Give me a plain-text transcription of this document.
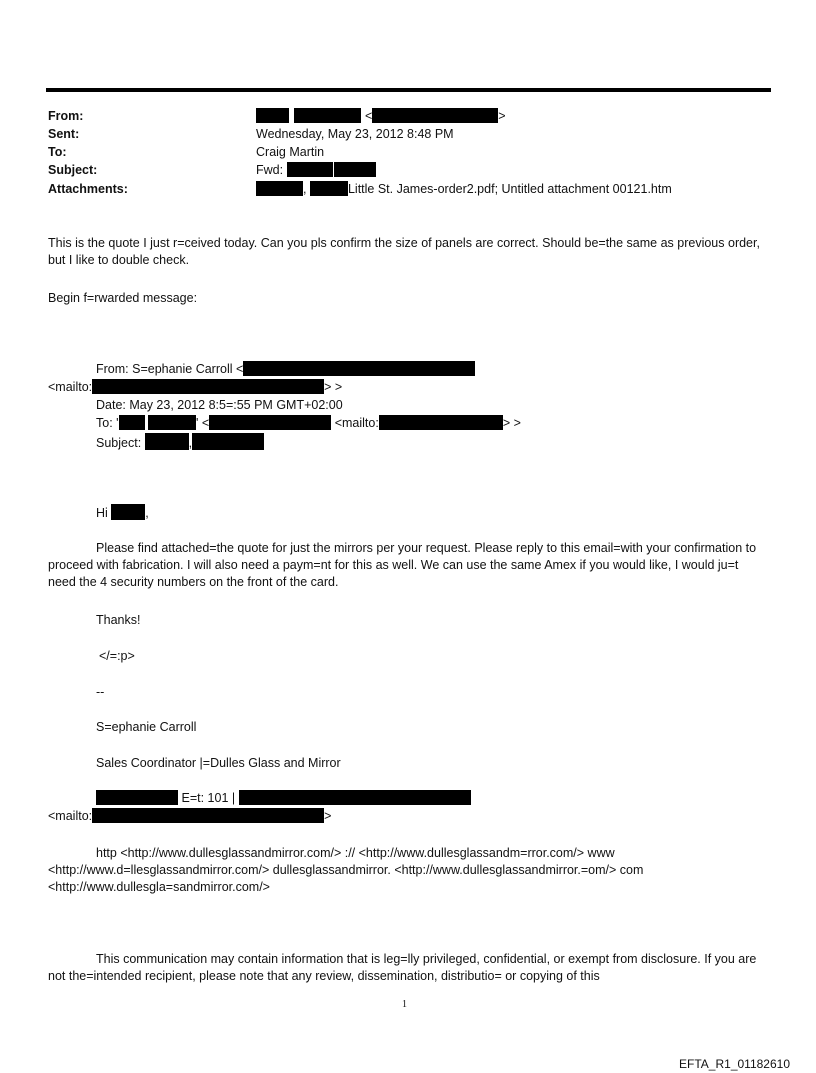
From:	<	>
Sent:	Wednesday, May 23, 2012 8:48 PM
To:	Craig Martin
Subject:	Fwd:
Attachments:	,	Little St. James-order2.pdf; Untitled attachment 00121.htm
This is the quote I just r=ceived today. Can you pls confirm the size of panels are correct. Should be=the same as previous order, but I like to double check.
Begin f=rwarded message:
From: S=ephanie Carroll <
<mailto:	> >
Date: May 23, 2012 8:5=:55 PM GMT+02:00
To: '	' <	<mailto:	> >
Subject:	,
Hi	,
Please find attached=the quote for just the mirrors per your request. Please reply to this email=with your confirmation to proceed with fabrication. I will also need a paym=nt for this as well. We can use the same Amex if you would like, I would ju=t need the 4 security numbers on the front of the card.
Thanks!
</=:p>
--
S=ephanie Carroll
Sales Coordinator |=Dulles Glass and Mirror
E=t: 101 |
<mailto:	>
http <http://www.dullesglassandmirror.com/> :// <http://www.dullesglassandm=rror.com/> www <http://www.d=llesglassandmirror.com/> dullesglassandmirror. <http://www.dullesglassandmirror.=om/> com <http://www.dullesgla=sandmirror.com/>
This communication may contain information that is leg=lly privileged, confidential, or exempt from disclosure. If you are not the=intended recipient, please note that any review, dissemination, distributio= or copying of this
1
EFTA_R1_01182610
